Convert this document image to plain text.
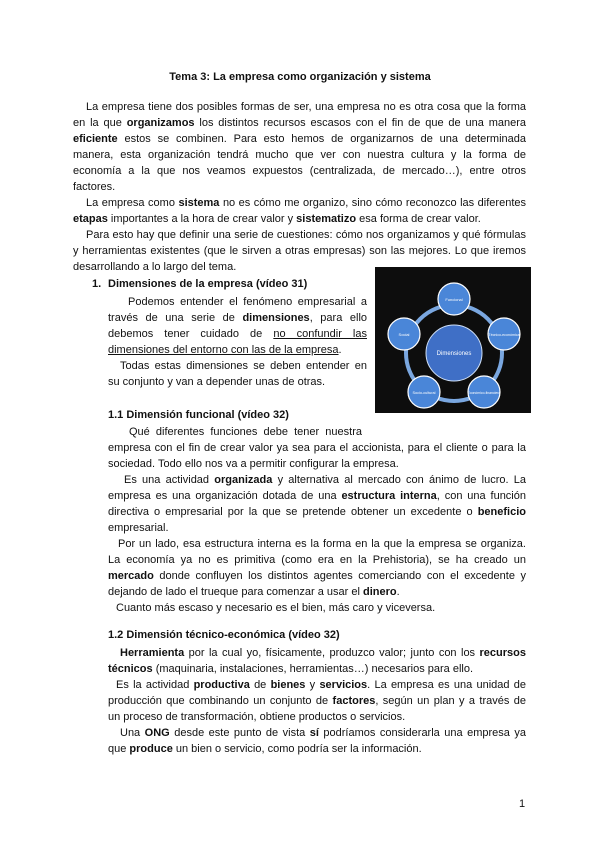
Tema 3: La empresa como organización y sistema
La empresa tiene dos posibles formas de ser, una empresa no es otra cosa que la forma
en la que organizamos los distintos recursos escasos con el fin de que de una manera
eficiente estos se combinen. Para esto hemos de organizarnos de una determinada
manera, esta organización tendrá mucho que ver con nuestra cultura y la forma de
economía a la que nos veamos expuestos (centralizada, de mercado…), entre otros
factores.
La empresa como sistema no es cómo me organizo, sino cómo reconozco las diferentes
etapas importantes a la hora de crear valor y sistematizo esa forma de crear valor.
Para esto hay que definir una serie de cuestiones: cómo nos organizamos y qué fórmulas
y herramientas existentes (que le sirven a otras empresas) son las mejores. Lo que iremos
desarrollando a lo largo del tema.
1. Dimensiones de la empresa (vídeo 31)
Podemos entender el fenómeno empresarial a
través de una serie de dimensiones, para ello
debemos tener cuidado de no confundir las
dimensiones del entorno con las de la empresa.
Todas estas dimensiones se deben entender en
su conjunto y van a depender unas de otras.
Dimensiones
Funcional
Técnico-económica
Económico-financiera
Socio-cultural
Social
1.1 Dimensión funcional (vídeo 32)
Qué diferentes funciones debe tener nuestra
empresa con el fin de crear valor ya sea para el accionista, para el cliente o para la
sociedad. Todo ello nos va a permitir configurar la empresa.
Es una actividad organizada y alternativa al mercado con ánimo de lucro. La
empresa es una organización dotada de una estructura interna, con una función
directiva o empresarial por la que se pretende obtener un excedente o beneficio
empresarial.
Por un lado, esa estructura interna es la forma en la que la empresa se organiza.
La economía ya no es primitiva (como era en la Prehistoria), se ha creado un
mercado donde confluyen los distintos agentes comerciando con el excedente y
dejando de lado el trueque para comenzar a usar el dinero.
Cuanto más escaso y necesario es el bien, más caro y viceversa.
1.2 Dimensión técnico-económica (vídeo 32)
Herramienta por la cual yo, físicamente, produzco valor; junto con los recursos
técnicos (maquinaria, instalaciones, herramientas…) necesarios para ello.
Es la actividad productiva de bienes y servicios. La empresa es una unidad de
producción que combinando un conjunto de factores, según un plan y a través de
un proceso de transformación, obtiene productos o servicios.
Una ONG desde este punto de vista sí podríamos considerarla una empresa ya
que produce un bien o servicio, como podría ser la información.
1
